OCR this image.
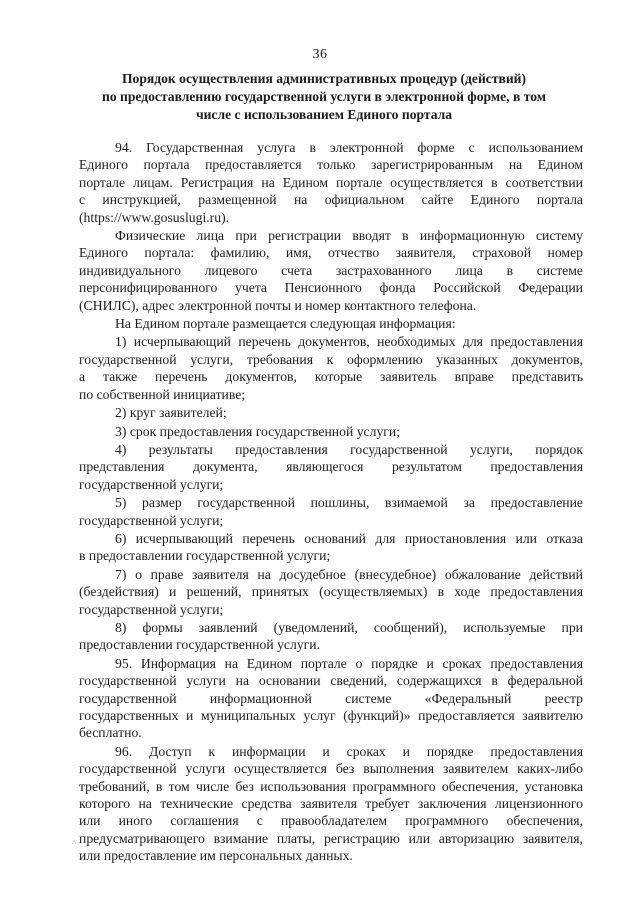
36
Порядок осуществления административных процедур (действий)
по предоставлению государственной услуги в электронной форме, в том
числе с использованием Единого портала
94. Государственная услуга в электронной форме с использованием
Единого портала предоставляется только зарегистрированным на Едином
портале лицам. Регистрация на Едином портале осуществляется в соответствии
с инструкцией, размещенной на официальном сайте Единого портала
(https://www.gosuslugi.ru).
Физические лица при регистрации вводят в информационную систему
Единого портала: фамилию, имя, отчество заявителя, страховой номер
индивидуального лицевого счета застрахованного лица в системе
персонифицированного учета Пенсионного фонда Российской Федерации
(СНИЛС), адрес электронной почты и номер контактного телефона.
На Едином портале размещается следующая информация:
1) исчерпывающий перечень документов, необходимых для предоставления
государственной услуги, требования к оформлению указанных документов,
а также перечень документов, которые заявитель вправе представить
по собственной инициативе;
2) круг заявителей;
3) срок предоставления государственной услуги;
4) результаты предоставления государственной услуги, порядок
представления документа, являющегося результатом предоставления
государственной услуги;
5) размер государственной пошлины, взимаемой за предоставление
государственной услуги;
6) исчерпывающий перечень оснований для приостановления или отказа
в предоставлении государственной услуги;
7) о праве заявителя на досудебное (внесудебное) обжалование действий
(бездействия) и решений, принятых (осуществляемых) в ходе предоставления
государственной услуги;
8) формы заявлений (уведомлений, сообщений), используемые при
предоставлении государственной услуги.
95. Информация на Едином портале о порядке и сроках предоставления
государственной услуги на основании сведений, содержащихся в федеральной
государственной информационной системе «Федеральный реестр
государственных и муниципальных услуг (функций)» предоставляется заявителю
бесплатно.
96. Доступ к информации и сроках и порядке предоставления
государственной услуги осуществляется без выполнения заявителем каких-либо
требований, в том числе без использования программного обеспечения, установка
которого на технические средства заявителя требует заключения лицензионного
или иного соглашения с правообладателем программного обеспечения,
предусматривающего взимание платы, регистрацию или авторизацию заявителя,
или предоставление им персональных данных.
^
